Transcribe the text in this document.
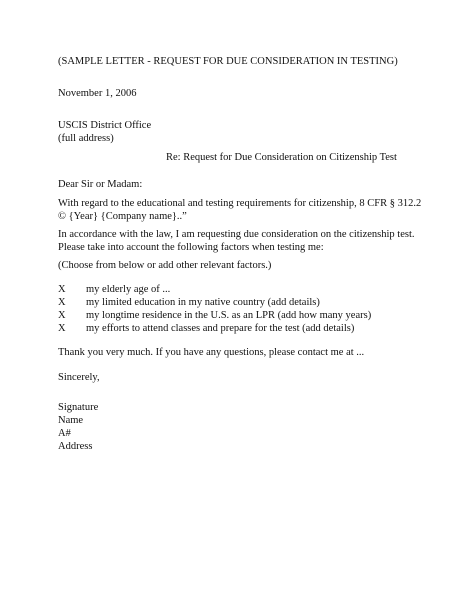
(SAMPLE LETTER - REQUEST FOR DUE CONSIDERATION IN TESTING)
November 1, 2006
USCIS District Office
(full address)
Re: Request for Due Consideration on Citizenship Test
Dear Sir or Madam:
With regard to the educational and testing requirements for citizenship, 8 CFR § 312.2 © {Year} {Company name}..”
In accordance with the law, I am requesting due consideration on the citizenship test. Please take into account the following factors when testing me:
(Choose from below or add other relevant factors.)
X my elderly age of ...
X my limited education in my native country (add details)
X my longtime residence in the U.S. as an LPR (add how many years)
X my efforts to attend classes and prepare for the test (add details)
Thank you very much. If you have any questions, please contact me at ...
Sincerely,
Signature
Name
A#
Address
